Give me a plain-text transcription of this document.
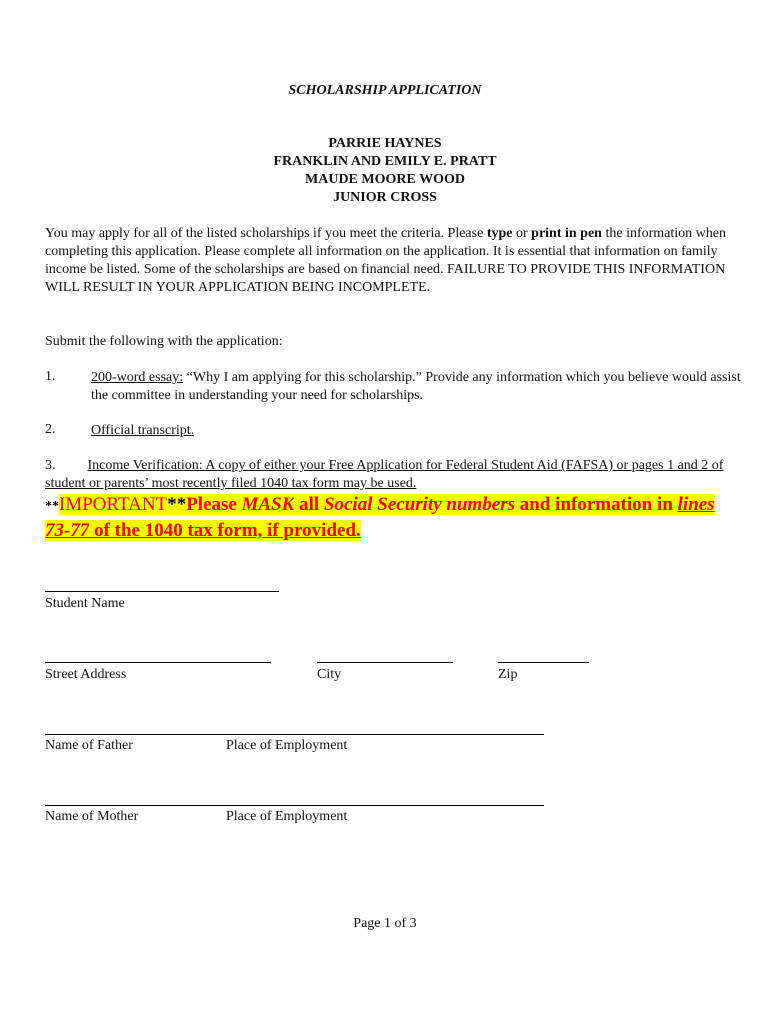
SCHOLARSHIP APPLICATION
PARRIE HAYNES
FRANKLIN AND EMILY E. PRATT
MAUDE MOORE WOOD
JUNIOR CROSS
You may apply for all of the listed scholarships if you meet the criteria. Please type or print in pen the information when completing this application. Please complete all information on the application. It is essential that information on family income be listed. Some of the scholarships are based on financial need. FAILURE TO PROVIDE THIS INFORMATION WILL RESULT IN YOUR APPLICATION BEING INCOMPLETE.
Submit the following with the application:
1.	200-word essay: “Why I am applying for this scholarship.” Provide any information which you believe would assist the committee in understanding your need for scholarships.
2.	Official transcript.
3. Income Verification: A copy of either your Free Application for Federal Student Aid (FAFSA) or pages 1 and 2 of student or parents’ most recently filed 1040 tax form may be used.
**IMPORTANT**Please MASK all Social Security numbers and information in lines 73-77 of the 1040 tax form, if provided.
Student Name
Street Address	City	Zip
Name of Father	Place of Employment
Name of Mother	Place of Employment
Page 1 of 3
